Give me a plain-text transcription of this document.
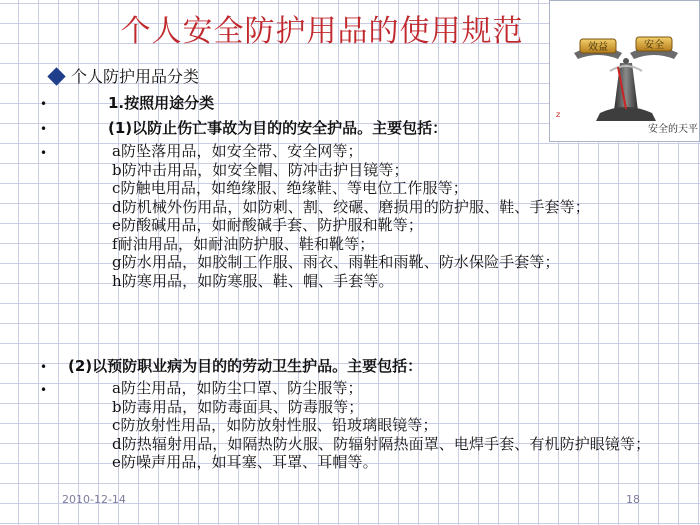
个人安全防护用品的使用规范	效益	安全
z
安全的天平
个人防护用品分类
•	1.按照用途分类
•	(1)以防止伤亡事故为目的的安全护品。主要包括：
•	a防坠落用品，如安全带、安全网等；
b防冲击用品，如安全帽、防冲击护目镜等；
c防触电用品，如绝缘服、绝缘鞋、等电位工作服等；
d防机械外伤用品，如防刺、割、绞碾、磨损用的防护服、鞋、手套等；
e防酸碱用品，如耐酸碱手套、防护服和靴等；
f耐油用品，如耐油防护服、鞋和靴等；
g防水用品，如胶制工作服、雨衣、雨鞋和雨靴、防水保险手套等；
h防寒用品，如防寒服、鞋、帽、手套等。
• (2)以预防职业病为目的的劳动卫生护品。主要包括：
•	a防尘用品，如防尘口罩、防尘服等；
b防毒用品，如防毒面具、防毒服等；
c防放射性用品，如防放射性服、铅玻璃眼镜等；
d防热辐射用品，如隔热防火服、防辐射隔热面罩、电焊手套、有机防护眼镜等；
e防噪声用品，如耳塞、耳罩、耳帽等。
2010-12-14	18
